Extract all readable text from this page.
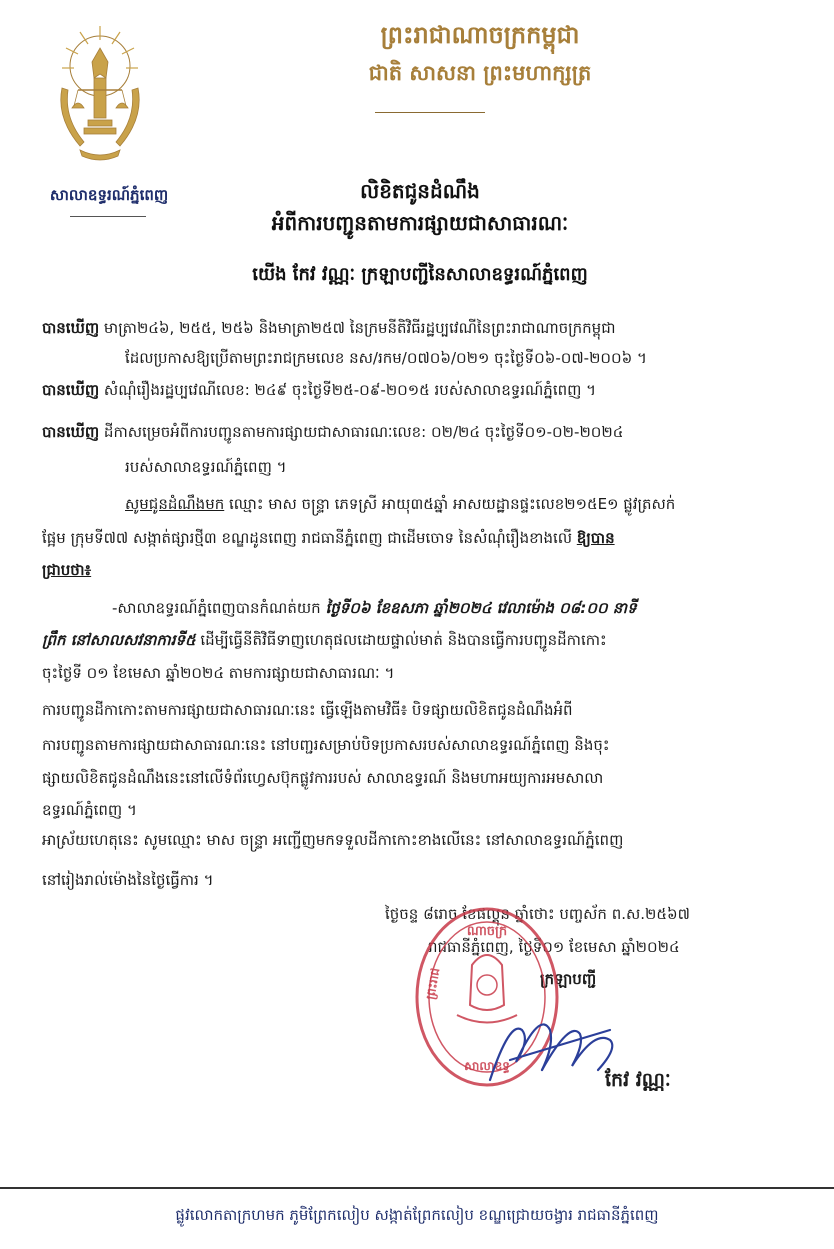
សាលាឧទ្ធរណ៍ភ្នំពេញ
ព្រះរាជាណាចក្រកម្ពុជា
ជាតិ សាសនា ព្រះមហាក្សត្រ
លិខិតជូនដំណឹង
អំពីការបញ្ជូនតាមការផ្សាយជាសាធារណៈ
យើង កែវ វណ្ណៈ ក្រឡាបញ្ជីនៃសាលាឧទ្ធរណ៍ភ្នំពេញ
បានឃើញ មាត្រា២៤៦, ២៥៥, ២៥៦ និងមាត្រា២៥៧ នៃក្រមនីតិវិធីរដ្ឋប្បវេណីនៃព្រះរាជាណាចក្រកម្ពុជា
ដែលប្រកាសឱ្យប្រើតាមព្រះរាជក្រមលេខ នស/រកម/០៧០៦/០២១ ចុះថ្ងៃទី០៦-០៧-២០០៦ ។
បានឃើញ សំណុំរឿងរដ្ឋប្បវេណីលេខ: ២៤៩ ចុះថ្ងៃទី២៥-០៩-២០១៥ របស់សាលាឧទ្ធរណ៍ភ្នំពេញ ។
បានឃើញ ដីកាសម្រេចអំពីការបញ្ជូនតាមការផ្សាយជាសាធារណៈលេខ: ០២/២៤ ចុះថ្ងៃទី០១-០២-២០២៤
របស់សាលាឧទ្ធរណ៍ភ្នំពេញ ។
សូមជូនដំណឹងមក ឈ្មោះ មាស ចន្ទ្រា ភេទស្រី អាយុ៣៥ឆ្នាំ អាសយដ្ឋានផ្ទះលេខ២១៥E១ ផ្លូវត្រសក់
ផ្អែម ក្រុមទី៧៧ សង្កាត់ផ្សារថ្មី៣ ខណ្ឌដូនពេញ រាជធានីភ្នំពេញ ជាដើមចោទ នៃសំណុំរឿងខាងលើ ឱ្យបាន
ជ្រាបថា៖
-សាលាឧទ្ធរណ៍ភ្នំពេញបានកំណត់យក ថ្ងៃទី០៦ ខែឧសភា ឆ្នាំ២០២៤ វេលាម៉ោង ០៨:០០ នាទី
ព្រឹក នៅសាលសវនាការទី៥ ដើម្បីធ្វើនីតិវិធីទាញហេតុផលដោយផ្ទាល់មាត់ និងបានធ្វើការបញ្ជូនដីកាកោះ
ចុះថ្ងៃទី ០១ ខែមេសា ឆ្នាំ២០២៤ តាមការផ្សាយជាសាធារណៈ ។
ការបញ្ជូនដីកាកោះតាមការផ្សាយជាសាធារណៈនេះ ធ្វើឡើងតាមវិធី៖ បិទផ្សាយលិខិតជូនដំណឹងអំពី
ការបញ្ជូនតាមការផ្សាយជាសាធារណៈនេះ នៅបញ្ជរសម្រាប់បិទប្រកាសរបស់សាលាឧទ្ធរណ៍ភ្នំពេញ និងចុះ
ផ្សាយលិខិតជូនដំណឹងនេះនៅលើទំព័រហ្វេសប៊ុកផ្លូវការរបស់ សាលាឧទ្ធរណ៍ និងមហាអយ្យការអមសាលា
ឧទ្ធរណ៍ភ្នំពេញ ។
អាស្រ័យហេតុនេះ សូមឈ្មោះ មាស ចន្ទ្រា អញ្ជើញមកទទួលដីកាកោះខាងលើនេះ នៅសាលាឧទ្ធរណ៍ភ្នំពេញ
នៅរៀងរាល់ម៉ោងនៃថ្ងៃធ្វើការ ។
ថ្ងៃចន្ទ ៨រោច ខែផល្គុន ឆ្នាំថោះ បញ្ចស័ក ព.ស.២៥៦៧
រាជធានីភ្នំពេញ, ថ្ងៃទី០១ ខែមេសា ឆ្នាំ២០២៤
ក្រឡាបញ្ជី
ណាចក្រ
ព្រះរាជ
សាលាឧទ្ធ
កែវ វណ្ណៈ
ផ្លូវលោកតាក្រហមក ភូមិព្រែកលៀប សង្កាត់ព្រែកលៀប ខណ្ឌជ្រោយចង្វារ រាជធានីភ្នំពេញ
